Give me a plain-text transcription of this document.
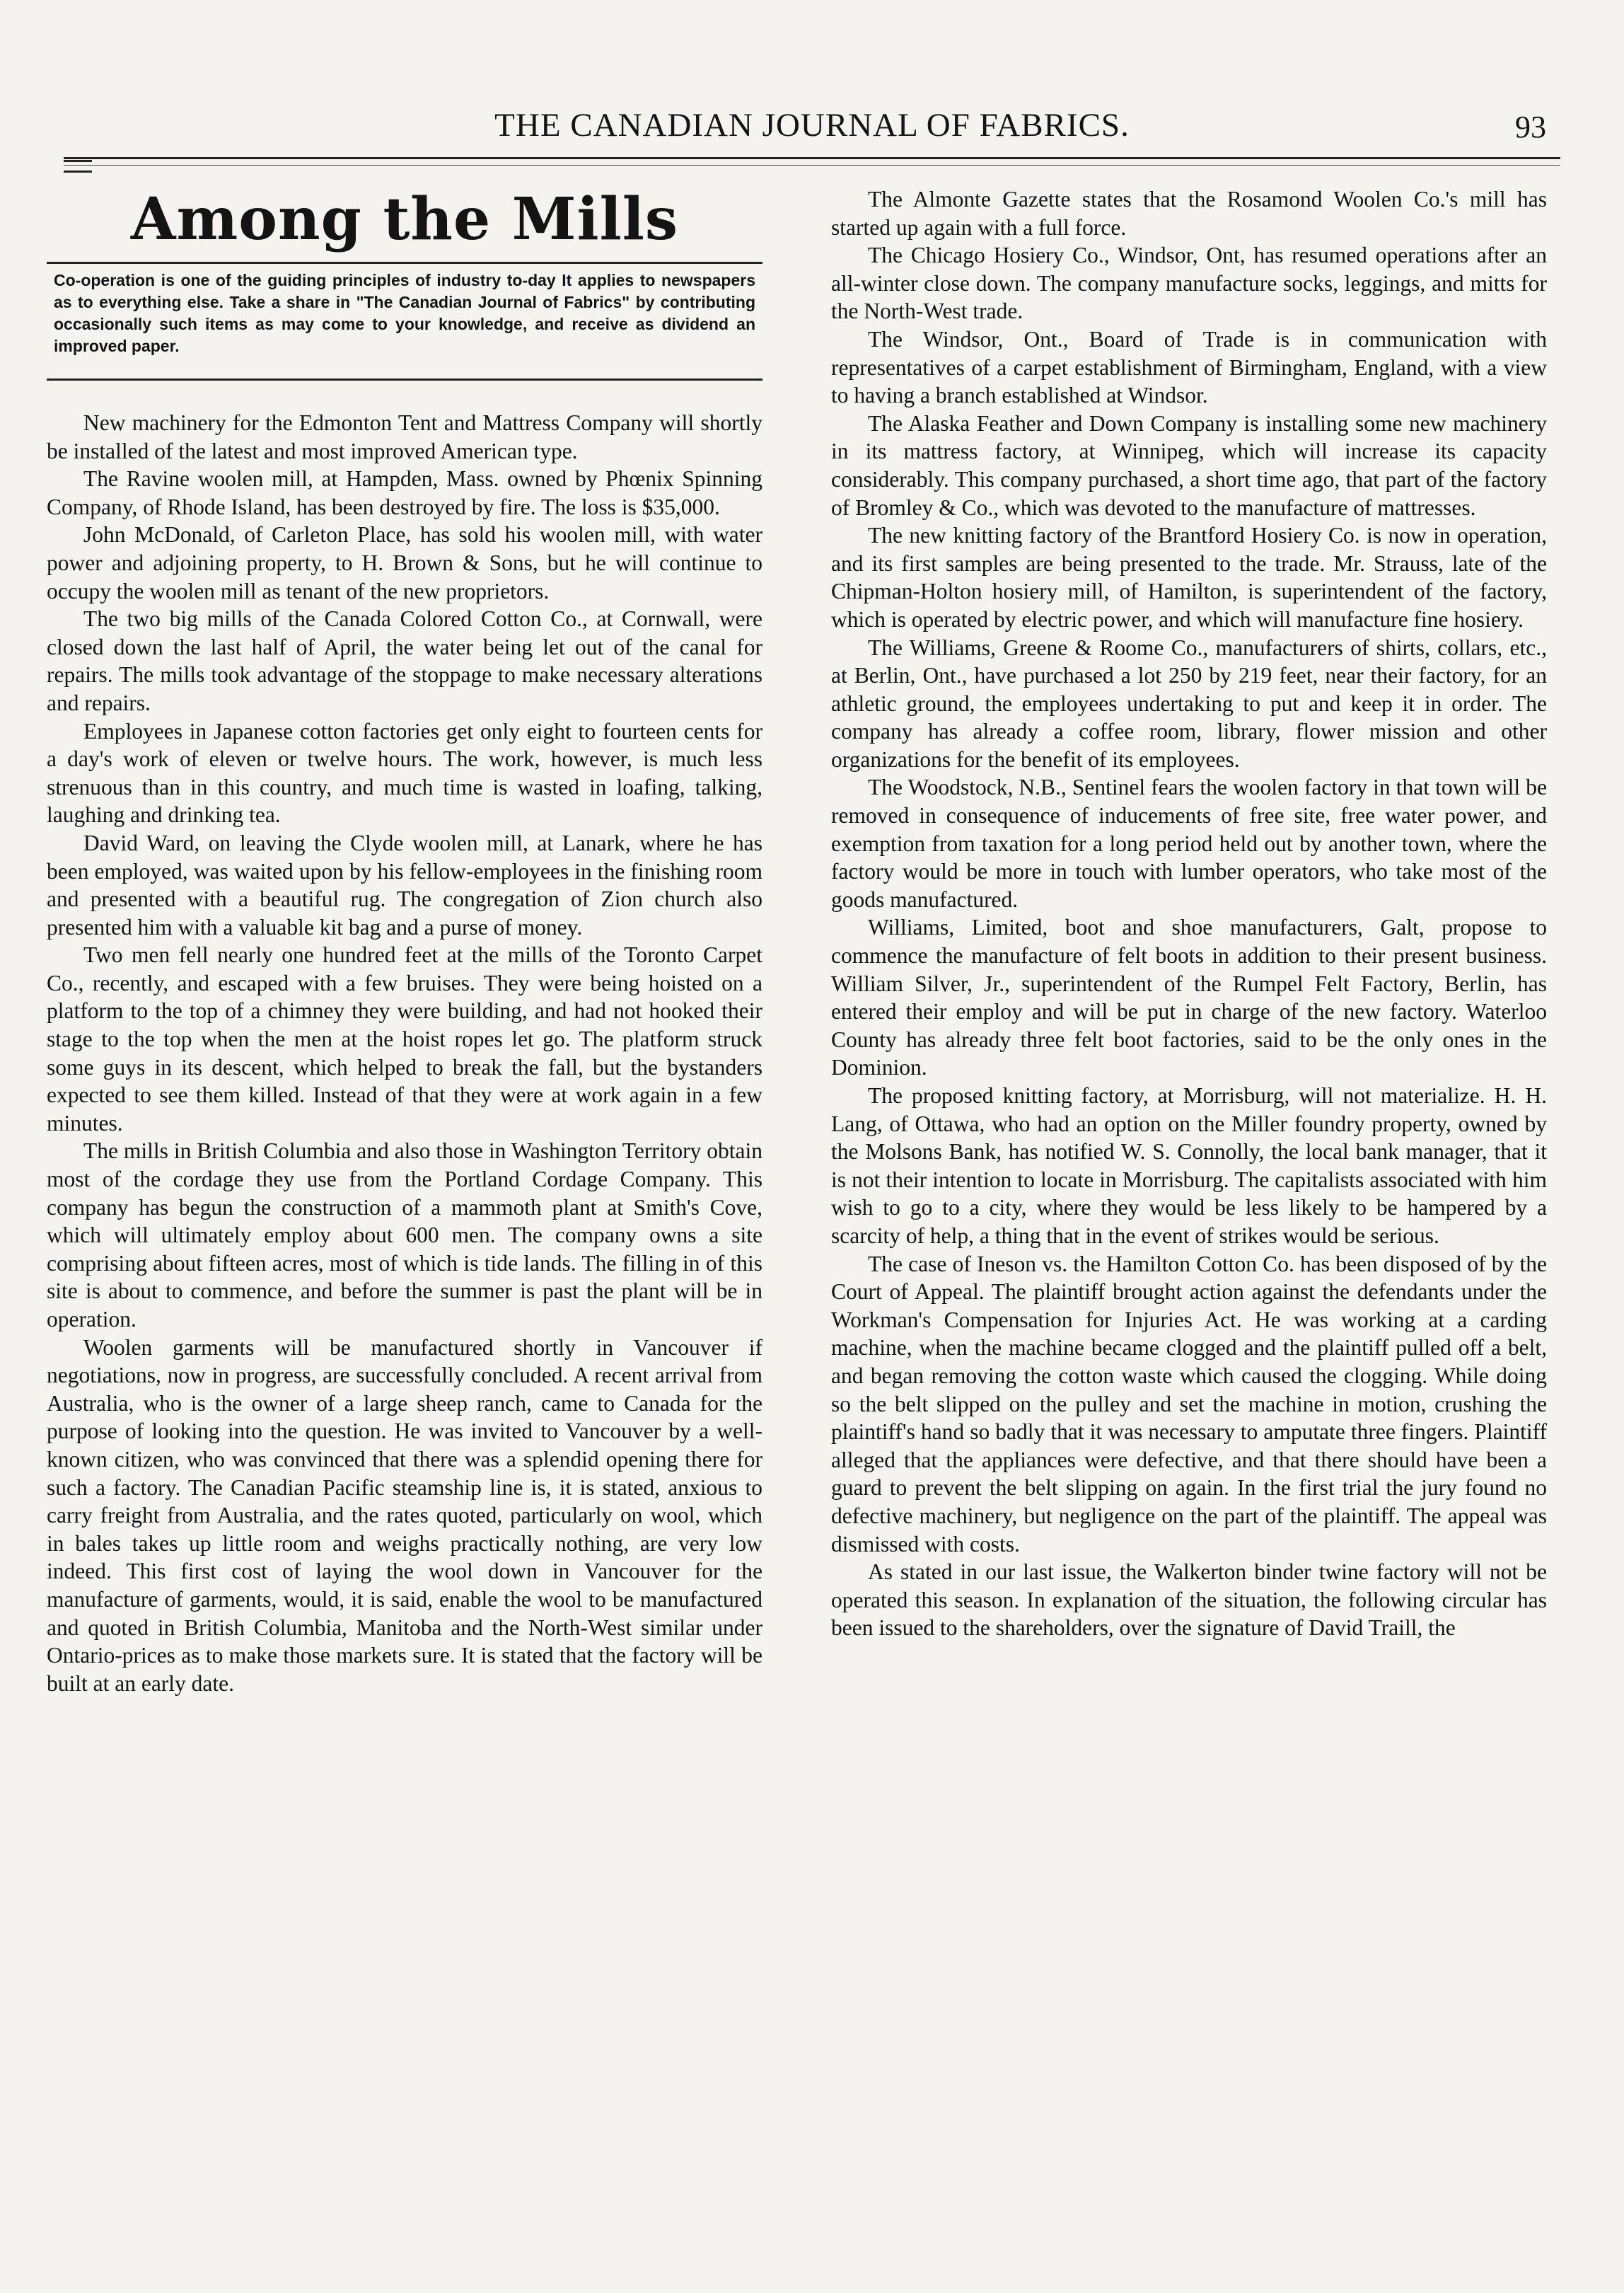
THE CANADIAN JOURNAL OF FABRICS.	93
Among the Mills
Co-operation is one of the guiding principles of industry to-day It applies to newspapers as to everything else. Take a share in "The Canadian Journal of Fabrics" by contributing occasionally such items as may come to your knowledge, and receive as dividend an improved paper.

New machinery for the Edmonton Tent and Mattress Company will shortly be installed of the latest and most improved American type.

The Ravine woolen mill, at Hampden, Mass. owned by Phœnix Spinning Company, of Rhode Island, has been destroyed by fire. The loss is $35,000.

John McDonald, of Carleton Place, has sold his woolen mill, with water power and adjoining property, to H. Brown & Sons, but he will continue to occupy the woolen mill as tenant of the new proprietors.

The two big mills of the Canada Colored Cotton Co., at Cornwall, were closed down the last half of April, the water being let out of the canal for repairs. The mills took advantage of the stoppage to make necessary alterations and repairs.

Employees in Japanese cotton factories get only eight to fourteen cents for a day's work of eleven or twelve hours. The work, however, is much less strenuous than in this country, and much time is wasted in loafing, talking, laughing and drinking tea.

David Ward, on leaving the Clyde woolen mill, at Lanark, where he has been employed, was waited upon by his fellow-employees in the finishing room and presented with a beautiful rug. The congregation of Zion church also presented him with a valuable kit bag and a purse of money.

Two men fell nearly one hundred feet at the mills of the Toronto Carpet Co., recently, and escaped with a few bruises. They were being hoisted on a platform to the top of a chimney they were building, and had not hooked their stage to the top when the men at the hoist ropes let go. The platform struck some guys in its descent, which helped to break the fall, but the bystanders expected to see them killed. Instead of that they were at work again in a few minutes.

The mills in British Columbia and also those in Washington Territory obtain most of the cordage they use from the Portland Cordage Company. This company has begun the construction of a mammoth plant at Smith's Cove, which will ultimately employ about 600 men. The company owns a site comprising about fifteen acres, most of which is tide lands. The filling in of this site is about to commence, and before the summer is past the plant will be in operation.

Woolen garments will be manufactured shortly in Vancouver if negotiations, now in progress, are successfully concluded. A recent arrival from Australia, who is the owner of a large sheep ranch, came to Canada for the purpose of looking into the question. He was invited to Vancouver by a well-known citizen, who was convinced that there was a splendid opening there for such a factory. The Canadian Pacific steamship line is, it is stated, anxious to carry freight from Australia, and the rates quoted, particularly on wool, which in bales takes up little room and weighs practically nothing, are very low indeed. This first cost of laying the wool down in Vancouver for the manufacture of garments, would, it is said, enable the wool to be manufactured and quoted in British Columbia, Manitoba and the North-West similar under Ontario-prices as to make those markets sure. It is stated that the factory will be built at an early date.

The Almonte Gazette states that the Rosamond Woolen Co.'s mill has started up again with a full force.

The Chicago Hosiery Co., Windsor, Ont, has resumed operations after an all-winter close down. The company manufacture socks, leggings, and mitts for the North-West trade.

The Windsor, Ont., Board of Trade is in communication with representatives of a carpet establishment of Birmingham, England, with a view to having a branch established at Windsor.

The Alaska Feather and Down Company is installing some new machinery in its mattress factory, at Winnipeg, which will increase its capacity considerably. This company purchased, a short time ago, that part of the factory of Bromley & Co., which was devoted to the manufacture of mattresses.

The new knitting factory of the Brantford Hosiery Co. is now in operation, and its first samples are being presented to the trade. Mr. Strauss, late of the Chipman-Holton hosiery mill, of Hamilton, is superintendent of the factory, which is operated by electric power, and which will manufacture fine hosiery.

The Williams, Greene & Roome Co., manufacturers of shirts, collars, etc., at Berlin, Ont., have purchased a lot 250 by 219 feet, near their factory, for an athletic ground, the employees undertaking to put and keep it in order. The company has already a coffee room, library, flower mission and other organizations for the benefit of its employees.

The Woodstock, N.B., Sentinel fears the woolen factory in that town will be removed in consequence of inducements of free site, free water power, and exemption from taxation for a long period held out by another town, where the factory would be more in touch with lumber operators, who take most of the goods manufactured.

Williams, Limited, boot and shoe manufacturers, Galt, propose to commence the manufacture of felt boots in addition to their present business. William Silver, Jr., superintendent of the Rumpel Felt Factory, Berlin, has entered their employ and will be put in charge of the new factory. Waterloo County has already three felt boot factories, said to be the only ones in the Dominion.

The proposed knitting factory, at Morrisburg, will not materialize. H. H. Lang, of Ottawa, who had an option on the Miller foundry property, owned by the Molsons Bank, has notified W. S. Connolly, the local bank manager, that it is not their intention to locate in Morrisburg. The capitalists associated with him wish to go to a city, where they would be less likely to be hampered by a scarcity of help, a thing that in the event of strikes would be serious.

The case of Ineson vs. the Hamilton Cotton Co. has been disposed of by the Court of Appeal. The plaintiff brought action against the defendants under the Workman's Compensation for Injuries Act. He was working at a carding machine, when the machine became clogged and the plaintiff pulled off a belt, and began removing the cotton waste which caused the clogging. While doing so the belt slipped on the pulley and set the machine in motion, crushing the plaintiff's hand so badly that it was necessary to amputate three fingers. Plaintiff alleged that the appliances were defective, and that there should have been a guard to prevent the belt slipping on again. In the first trial the jury found no defective machinery, but negligence on the part of the plaintiff. The appeal was dismissed with costs.

As stated in our last issue, the Walkerton binder twine factory will not be operated this season. In explanation of the situation, the following circular has been issued to the shareholders, over the signature of David Traill, the
